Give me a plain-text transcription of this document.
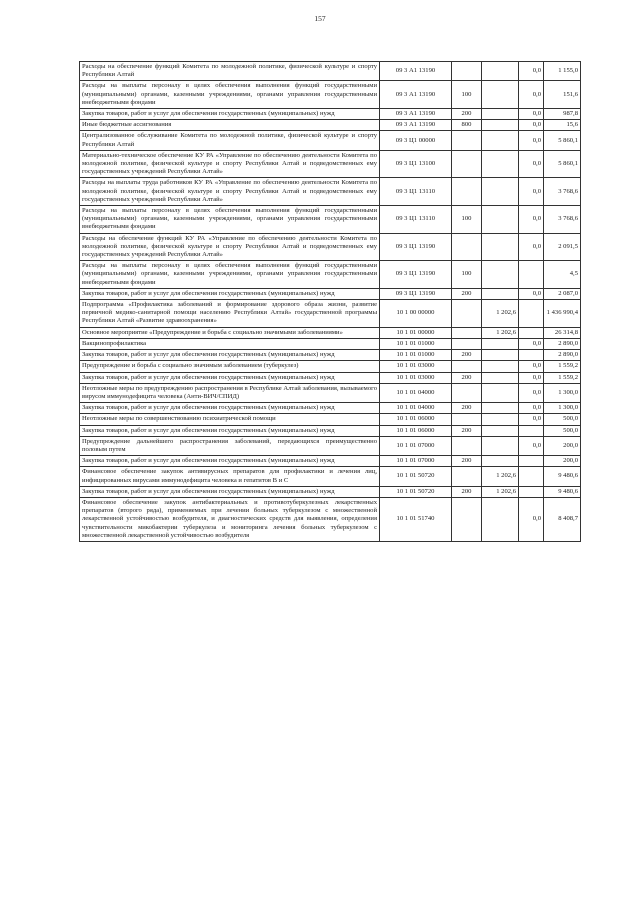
157
Расходы на обеспечение функций Комитета по молодежной политике, физической культуре и спорту Республики Алтай	09 3 А1 13190			0,0	1 155,0
Расходы на выплаты персоналу в целях обеспечения выполнения функций государственными (муниципальными) органами, казенными учреждениями, органами управления государственными внебюджетными фондами	09 3 А1 13190	100		0,0	151,6
Закупка товаров, работ и услуг для обеспечения государственных (муниципальных) нужд	09 3 А1 13190	200		0,0	987,8
Иные бюджетные ассигнования	09 3 А1 13190	800		0,0	15,6
Централизованное обслуживание Комитета по молодежной политике, физической культуре и спорту Республики Алтай	09 3 Ц1 00000			0,0	5 860,1
Материально-техническое обеспечение КУ РА «Управление по обеспечению деятельности Комитета по молодежной политике, физической культуре и спорту Республики Алтай и подведомственных ему государственных учреждений Республики Алтай»	09 3 Ц1 13100			0,0	5 860,1
Расходы на выплаты труда работников КУ РА «Управление по обеспечению деятельности Комитета по молодежной политике, физической культуре и спорту Республики Алтай и подведомственных ему государственных учреждений Республики Алтай»	09 3 Ц1 13110			0,0	3 768,6
Расходы на выплаты персоналу в целях обеспечения выполнения функций государственными (муниципальными) органами, казенными учреждениями, органами управления государственными внебюджетными фондами	09 3 Ц1 13110	100		0,0	3 768,6
Расходы на обеспечение функций КУ РА «Управление по обеспечению деятельности Комитета по молодежной политике, физической культуре и спорту Республики Алтай и подведомственных ему государственных учреждений Республики Алтай»	09 3 Ц1 13190			0,0	2 091,5
Расходы на выплаты персоналу в целях обеспечения выполнения функций государственными (муниципальными) органами, казенными учреждениями, органами управления государственными внебюджетными фондами	09 3 Ц1 13190	100			4,5
Закупка товаров, работ и услуг для обеспечения государственных (муниципальных) нужд	09 3 Ц1 13190	200		0,0	2 087,0
Подпрограмма «Профилактика заболеваний и формирование здорового образа жизни, развитие первичной медико-санитарной помощи населению Республики Алтай» государственной программы Республики Алтай «Развитие здравоохранения»	10 1 00 00000		1 202,6		1 436 990,4
Основное мероприятие «Предупреждение и борьба с социально значимыми заболеваниями»	10 1 01 00000		1 202,6		26 314,8
Вакцинопрофилактика	10 1 01 01000			0,0	2 890,0
Закупка товаров, работ и услуг для обеспечения государственных (муниципальных) нужд	10 1 01 01000	200			2 890,0
Предупреждение и борьба с социально значимым заболеванием (туберкулез)	10 1 01 03000			0,0	1 559,2
Закупка товаров, работ и услуг для обеспечения государственных (муниципальных) нужд	10 1 01 03000	200		0,0	1 559,2
Неотложные меры по предупреждению распространения в Республике Алтай заболевания, вызываемого вирусом иммунодефицита человека (Анти-ВИЧ/СПИД)	10 1 01 04000			0,0	1 300,0
Закупка товаров, работ и услуг для обеспечения государственных (муниципальных) нужд	10 1 01 04000	200		0,0	1 300,0
Неотложные меры по совершенствованию психиатрической помощи	10 1 01 06000			0,0	500,0
Закупка товаров, работ и услуг для обеспечения государственных (муниципальных) нужд	10 1 01 06000	200			500,0
Предупреждение дальнейшего распространения заболеваний, передающихся преимущественно половым путем	10 1 01 07000			0,0	200,0
Закупка товаров, работ и услуг для обеспечения государственных (муниципальных) нужд	10 1 01 07000	200			200,0
Финансовое обеспечение закупок антивирусных препаратов для профилактики и лечения лиц, инфицированных вирусами иммунодефицита человека и гепатитов В и С	10 1 01 50720		1 202,6		9 480,6
Закупка товаров, работ и услуг для обеспечения государственных (муниципальных) нужд	10 1 01 50720	200	1 202,6		9 480,6
Финансовое обеспечение закупок антибактериальных и противотуберкулезных лекарственных препаратов (второго ряда), применяемых при лечении больных туберкулезом с множественной лекарственной устойчивостью возбудителя, и диагностических средств для выявления, определения чувствительности микобактерии туберкулеза и мониторинга лечения больных туберкулезом с множественной лекарственной устойчивостью возбудителя	10 1 01 51740			0,0	8 408,7
